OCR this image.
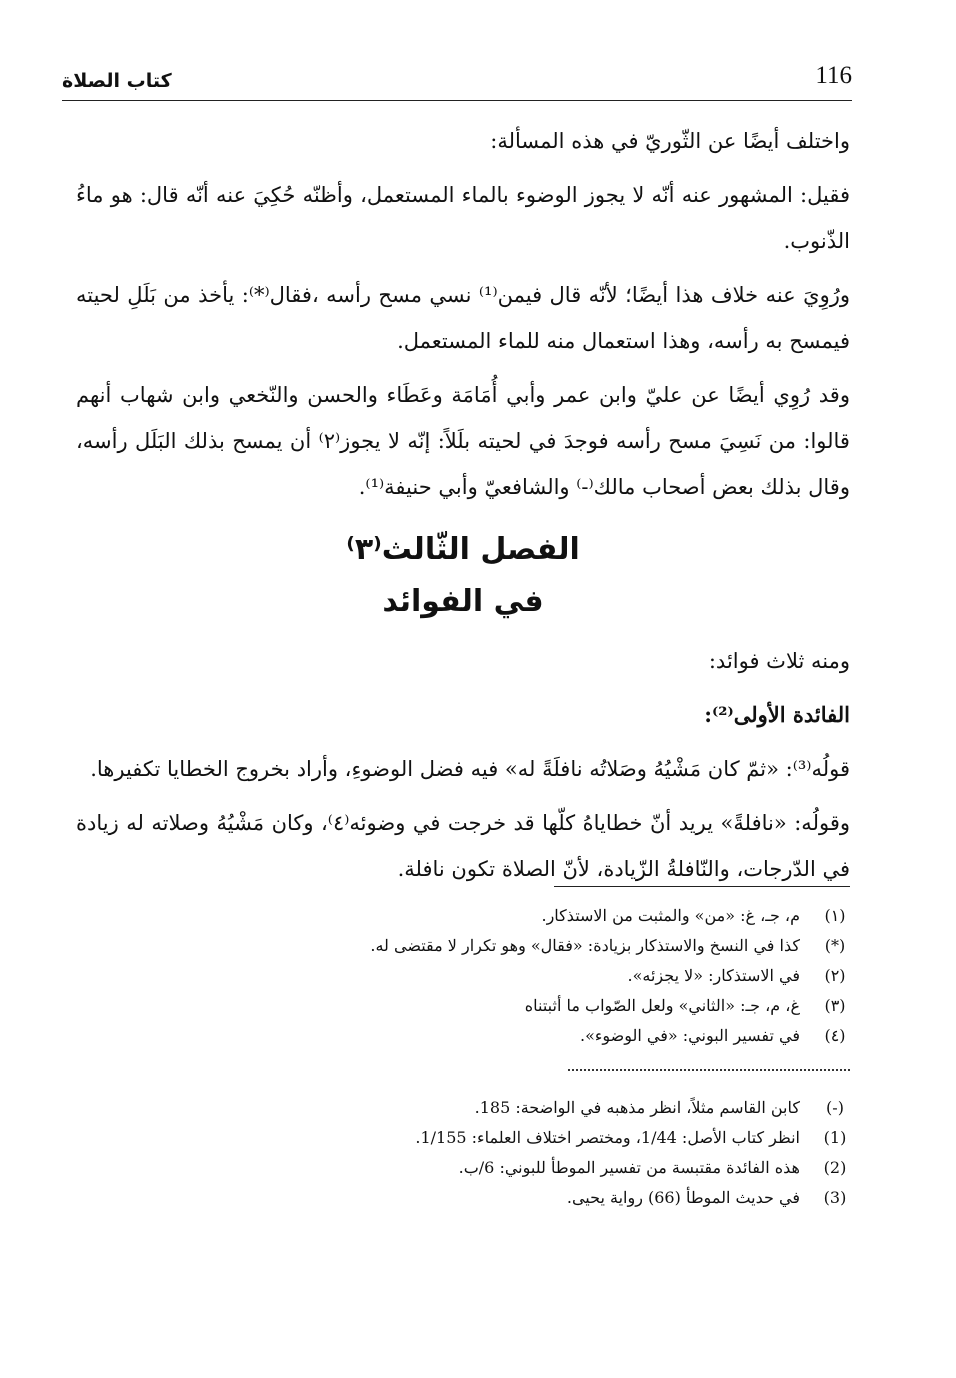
116
كتاب الصلاة

واختلف أيضًا عن الثّوريّ في هذه المسألة:

فقيل: المشهور عنه أنّه لا يجوز الوضوء بالماء المستعمل، وأظنّه حُكِيَ عنه أنّه قال: هو ماءُ الذّنوب.

ورُوِيَ عنه خلاف هذا أيضًا؛ لأنّه قال فيمن⁽¹⁾ نسي مسح رأسه ،فقال⁽*⁾: يأخذ من بَلَلِ لحيته فيمسح به رأسه، وهذا استعمال منه للماء المستعمل.

وقد رُوِي أيضًا عن عليّ وابن عمر وأبي أُمَامَة وعَطَاء والحسن والنّخعي وابن شهاب أنهم قالوا: من نَسِيَ مسح رأسه فوجدَ في لحيته بلَلاً: إنّه لا يجوز⁽٢⁾ أن يمسح بذلك البَلَل رأسه، وقال بذلك بعض أصحاب مالك⁽-⁾ والشافعيّ وأبي حنيفة⁽¹⁾.

الفصل الثّالث⁽٣⁾
في الفوائد

ومنه ثلاث فوائد:

الفائدة الأولى⁽²⁾:

قولُه⁽³⁾: «ثمّ كان مَشْيُهُ وصَلاتُه نافلَةً له» فيه فضل الوضوءِ، وأراد بخروج الخطايا تكفيرها.

وقولُه: «نافلةً» يريد أنّ خطاياهُ كلّها قد خرجت في وضوئه⁽٤⁾، وكان مَشْيُهُ وصلاته له زيادة في الدّرجات، والنّافلةُ الزّيادة، لأنّ الصلاة تكون نافلة.

(١)
م، جـ، غ: «من» والمثبت من الاستذكار.
(*)
كذا في النسخ والاستذكار بزيادة: «فقال» وهو تكرار لا مقتضى له.
(٢)
في الاستذكار: «لا يجزئه».
(٣)
غ، م، جـ: «الثاني» ولعل الصّواب ما أثبتناه
(٤)
في تفسير البوني: «في الوضوء».
(-)
كابن القاسم مثلاً، انظر مذهبه في الواضحة: 185.
(1)
انظر كتاب الأصل: 1/44، ومختصر اختلاف العلماء: 1/155.
(2)
هذه الفائدة مقتبسة من تفسير الموطأ للبوني: 6/ب.
(3)
في حديث الموطأ (66) رواية يحيى.
